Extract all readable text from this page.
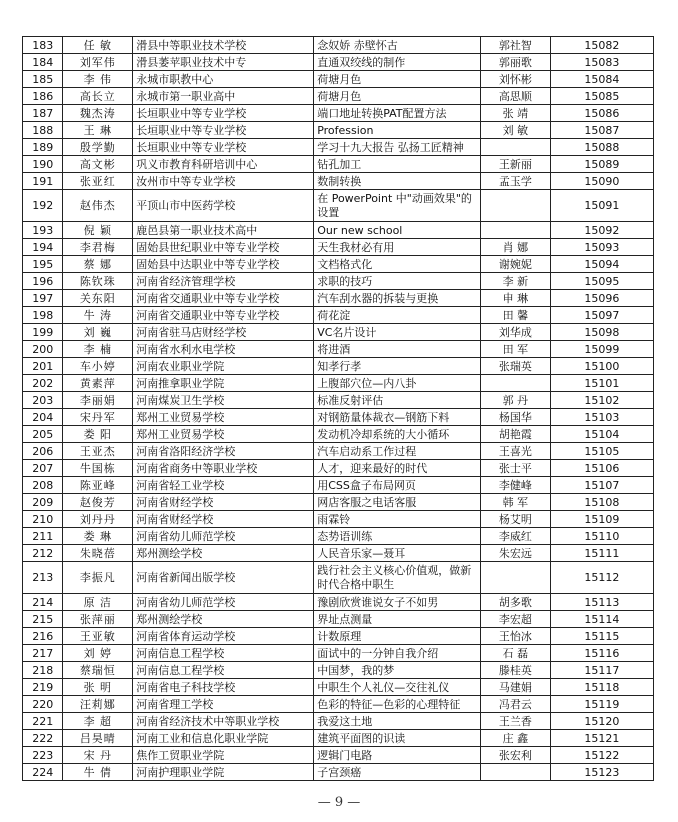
183	任 敏	滑县中等职业技术学校	念奴娇 赤壁怀古	郭社智	15082
184	刘军伟	滑县萎苹职业技术中专	直通双绞线的制作	郭丽歌	15083
185	李 伟	永城市职教中心	荷塘月色	刘怀彬	15084
186	高长立	永城市第一职业高中	荷塘月色	高思顺	15085
187	魏杰涛	长垣职业中等专业学校	端口地址转换PAT配置方法	张 靖	15086
188	王 琳	长垣职业中等专业学校	Profession	刘 敏	15087
189	殷学勤	长垣职业中等专业学校	学习十九大报告 弘扬工匠精神		15088
190	高文彬	巩义市教育科研培训中心	钻孔加工	王新丽	15089
191	张亚红	汝州市中等专业学校	数制转换	孟玉学	15090
192	赵伟杰	平顶山市中医药学校	在 PowerPoint 中"动画效果"的设置		15091
193	倪 颖	鹿邑县第一职业技术高中	Our new school		15092
194	李君梅	固始县世纪职业中等专业学校	天生我材必有用	肖 娜	15093
195	蔡 娜	固始县中达职业中等专业学校	文档格式化	谢婉妮	15094
196	陈钦珠	河南省经济管理学校	求职的技巧	李 新	15095
197	关东阳	河南省交通职业中等专业学校	汽车刮水器的拆装与更换	申 琳	15096
198	牛 涛	河南省交通职业中等专业学校	荷花淀	田 馨	15097
199	刘 巍	河南省驻马店财经学校	VC名片设计	刘华成	15098
200	李 楠	河南省水利水电学校	将进酒	田 军	15099
201	车小婷	河南农业职业学院	知孝行孝	张瑞英	15100
202	黄素萍	河南推拿职业学院	上腹部穴位—内八卦		15101
203	李丽娟	河南煤炭卫生学校	标准反射评估	郭 丹	15102
204	宋丹军	郑州工业贸易学校	对钢筋量体裁衣—钢筋下料	杨国华	15103
205	娄 阳	郑州工业贸易学校	发动机冷却系统的大小循环	胡艳霞	15104
206	王亚杰	河南省洛阳经济学校	汽车启动系工作过程	王喜光	15105
207	牛国栋	河南省商务中等职业学校	人才，迎来最好的时代	张士平	15106
208	陈亚峰	河南省轻工业学校	用CSS盒子布局网页	李健峰	15107
209	赵俊芳	河南省财经学校	网店客服之电话客服	韩 军	15108
210	刘丹丹	河南省财经学校	雨霖铃	杨艾明	15109
211	娄 琳	河南省幼儿师范学校	态势语训练	李威红	15110
212	朱晓蓓	郑州测绘学校	人民音乐家—聂耳	朱宏远	15111
213	李振凡	河南省新闻出版学校	践行社会主义核心价值观，做新时代合格中职生		15112
214	原 洁	河南省幼儿师范学校	豫剧欣赏谁说女子不如男	胡多歌	15113
215	张萍丽	郑州测绘学校	界址点测量	李宏超	15114
216	王亚敏	河南省体育运动学校	计数原理	王怡冰	15115
217	刘 婷	河南信息工程学校	面试中的一分钟自我介绍	石 磊	15116
218	蔡瑞恒	河南信息工程学校	中国梦，我的梦	滕桂英	15117
219	张 明	河南省电子科技学校	中职生个人礼仪—交往礼仪	马建娟	15118
220	汪莉娜	河南省理工学校	色彩的特征—色彩的心理特征	冯君云	15119
221	李 超	河南省经济技术中等职业学校	我爱这土地	王兰香	15120
222	吕昊晴	河南工业和信息化职业学院	建筑平面图的识读	庄 鑫	15121
223	宋 丹	焦作工贸职业学院	逻辑门电路	张宏利	15122
224	牛 倩	河南护理职业学院	子宫颈癌		15123
— 9 —
